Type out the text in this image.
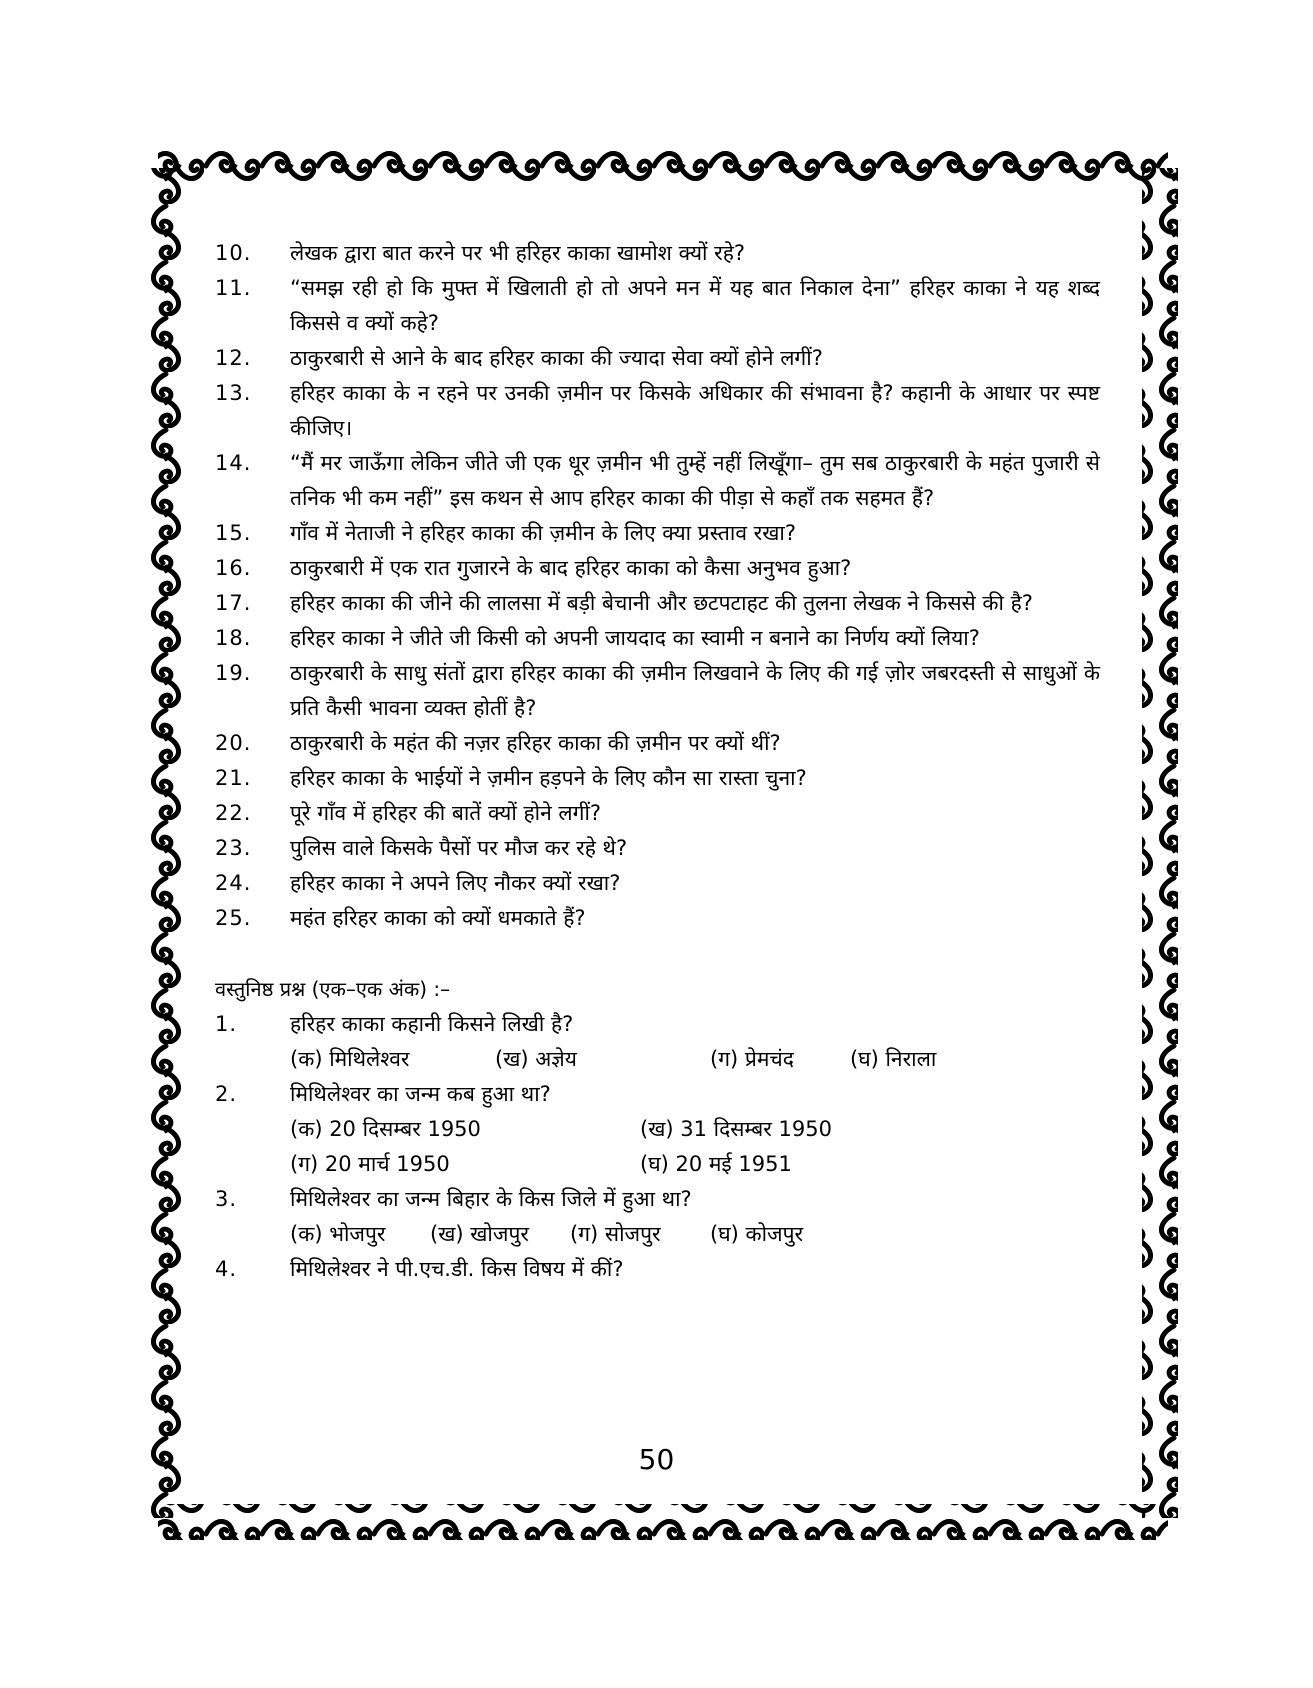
10.	लेखक द्वारा बात करने पर भी हरिहर काका खामोश क्यों रहे?
11.	“समझ रही हो कि मुफ्त में खिलाती हो तो अपने मन में यह बात निकाल देना” हरिहर काका ने यह शब्द किससे व क्यों कहे?
12.	ठाकुरबारी से आने के बाद हरिहर काका की ज्यादा सेवा क्यों होने लगीं?
13.	हरिहर काका के न रहने पर उनकी ज़मीन पर किसके अधिकार की संभावना है? कहानी के आधार पर स्पष्ट कीजिए।
14.	“मैं मर जाऊँगा लेकिन जीते जी एक धूर ज़मीन भी तुम्हें नहीं लिखूँगा– तुम सब ठाकुरबारी के महंत पुजारी से तनिक भी कम नहीं” इस कथन से आप हरिहर काका की पीड़ा से कहाँ तक सहमत हैं?
15.	गाँव में नेताजी ने हरिहर काका की ज़मीन के लिए क्या प्रस्ताव रखा?
16.	ठाकुरबारी में एक रात गुजारने के बाद हरिहर काका को कैसा अनुभव हुआ?
17.	हरिहर काका की जीने की लालसा में बड़ी बेचानी और छटपटाहट की तुलना लेखक ने किससे की है?
18.	हरिहर काका ने जीते जी किसी को अपनी जायदाद का स्वामी न बनाने का निर्णय क्यों लिया?
19.	ठाकुरबारी के साधु संतों द्वारा हरिहर काका की ज़मीन लिखवाने के लिए की गई ज़ोर जबरदस्ती से साधुओं के प्रति कैसी भावना व्यक्त होतीं है?
20.	ठाकुरबारी के महंत की नज़र हरिहर काका की ज़मीन पर क्यों थीं?
21.	हरिहर काका के भाईयों ने ज़मीन हड़पने के लिए कौन सा रास्ता चुना?
22.	पूरे गाँव में हरिहर की बातें क्यों होने लगीं?
23.	पुलिस वाले किसके पैसों पर मौज कर रहे थे?
24.	हरिहर काका ने अपने लिए नौकर क्यों रखा?
25.	महंत हरिहर काका को क्यों धमकाते हैं?
वस्तुनिष्ठ प्रश्न (एक–एक अंक) :–
1.	हरिहर काका कहानी किसने लिखी है?
(क) मिथिलेश्वर	(ख) अज्ञेय	(ग) प्रेमचंद	(घ) निराला
2.	मिथिलेश्वर का जन्म कब हुआ था?
(क) 20 दिसम्बर 1950	(ख) 31 दिसम्बर 1950
(ग) 20 मार्च 1950	(घ) 20 मई 1951
3.	मिथिलेश्वर का जन्म बिहार के किस जिले में हुआ था?
(क) भोजपुर (ख) खोजपुर (ग) सोजपुर (घ) कोजपुर
4.	मिथिलेश्वर ने पी.एच.डी. किस विषय में कीं?
50
